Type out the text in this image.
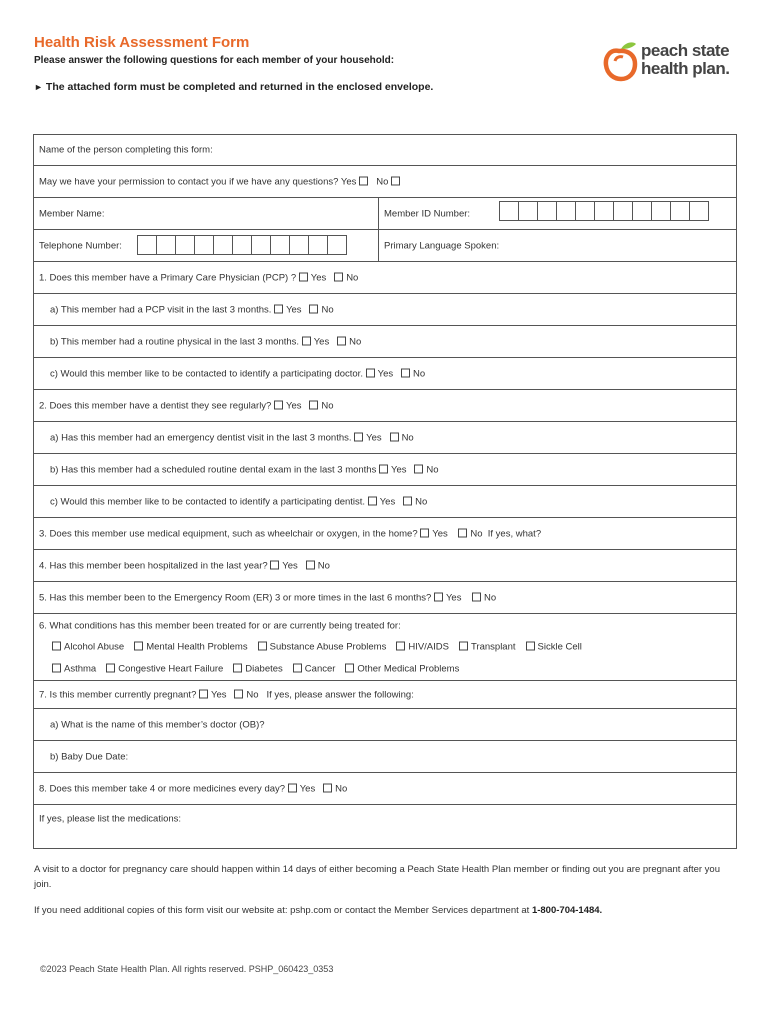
Health Risk Assessment Form
Please answer the following questions for each member of your household:
► The attached form must be completed and returned in the enclosed envelope.
peach state
health plan.
Name of the person completing this form:
May we have your permission to contact you if we have any questions? Yes No
Member Name:	Member ID Number:
Telephone Number:	Primary Language Spoken:
1. Does this member have a Primary Care Physician (PCP) ? Yes No
a) This member had a PCP visit in the last 3 months. Yes No
b) This member had a routine physical in the last 3 months. Yes No
c) Would this member like to be contacted to identify a participating doctor. Yes No
2. Does this member have a dentist they see regularly? Yes No
a) Has this member had an emergency dentist visit in the last 3 months. Yes No
b) Has this member had a scheduled routine dental exam in the last 3 months Yes No
c) Would this member like to be contacted to identify a participating dentist. Yes No
3. Does this member use medical equipment, such as wheelchair or oxygen, in the home? Yes No If yes, what?
4. Has this member been hospitalized in the last year? Yes No
5. Has this member been to the Emergency Room (ER) 3 or more times in the last 6 months? Yes No
6. What conditions has this member been treated for or are currently being treated for:
Alcohol Abuse Mental Health Problems Substance Abuse Problems HIV/AIDS Transplant Sickle Cell
Asthma Congestive Heart Failure Diabetes Cancer Other Medical Problems
7. Is this member currently pregnant? Yes No If yes, please answer the following:
a) What is the name of this member’s doctor (OB)?
b) Baby Due Date:
8. Does this member take 4 or more medicines every day? Yes No
If yes, please list the medications:
A visit to a doctor for pregnancy care should happen within 14 days of either becoming a Peach State Health Plan member or finding out you are pregnant after you join.
If you need additional copies of this form visit our website at: pshp.com or contact the Member Services department at 1-800-704-1484.
©2023 Peach State Health Plan. All rights reserved. PSHP_060423_0353
